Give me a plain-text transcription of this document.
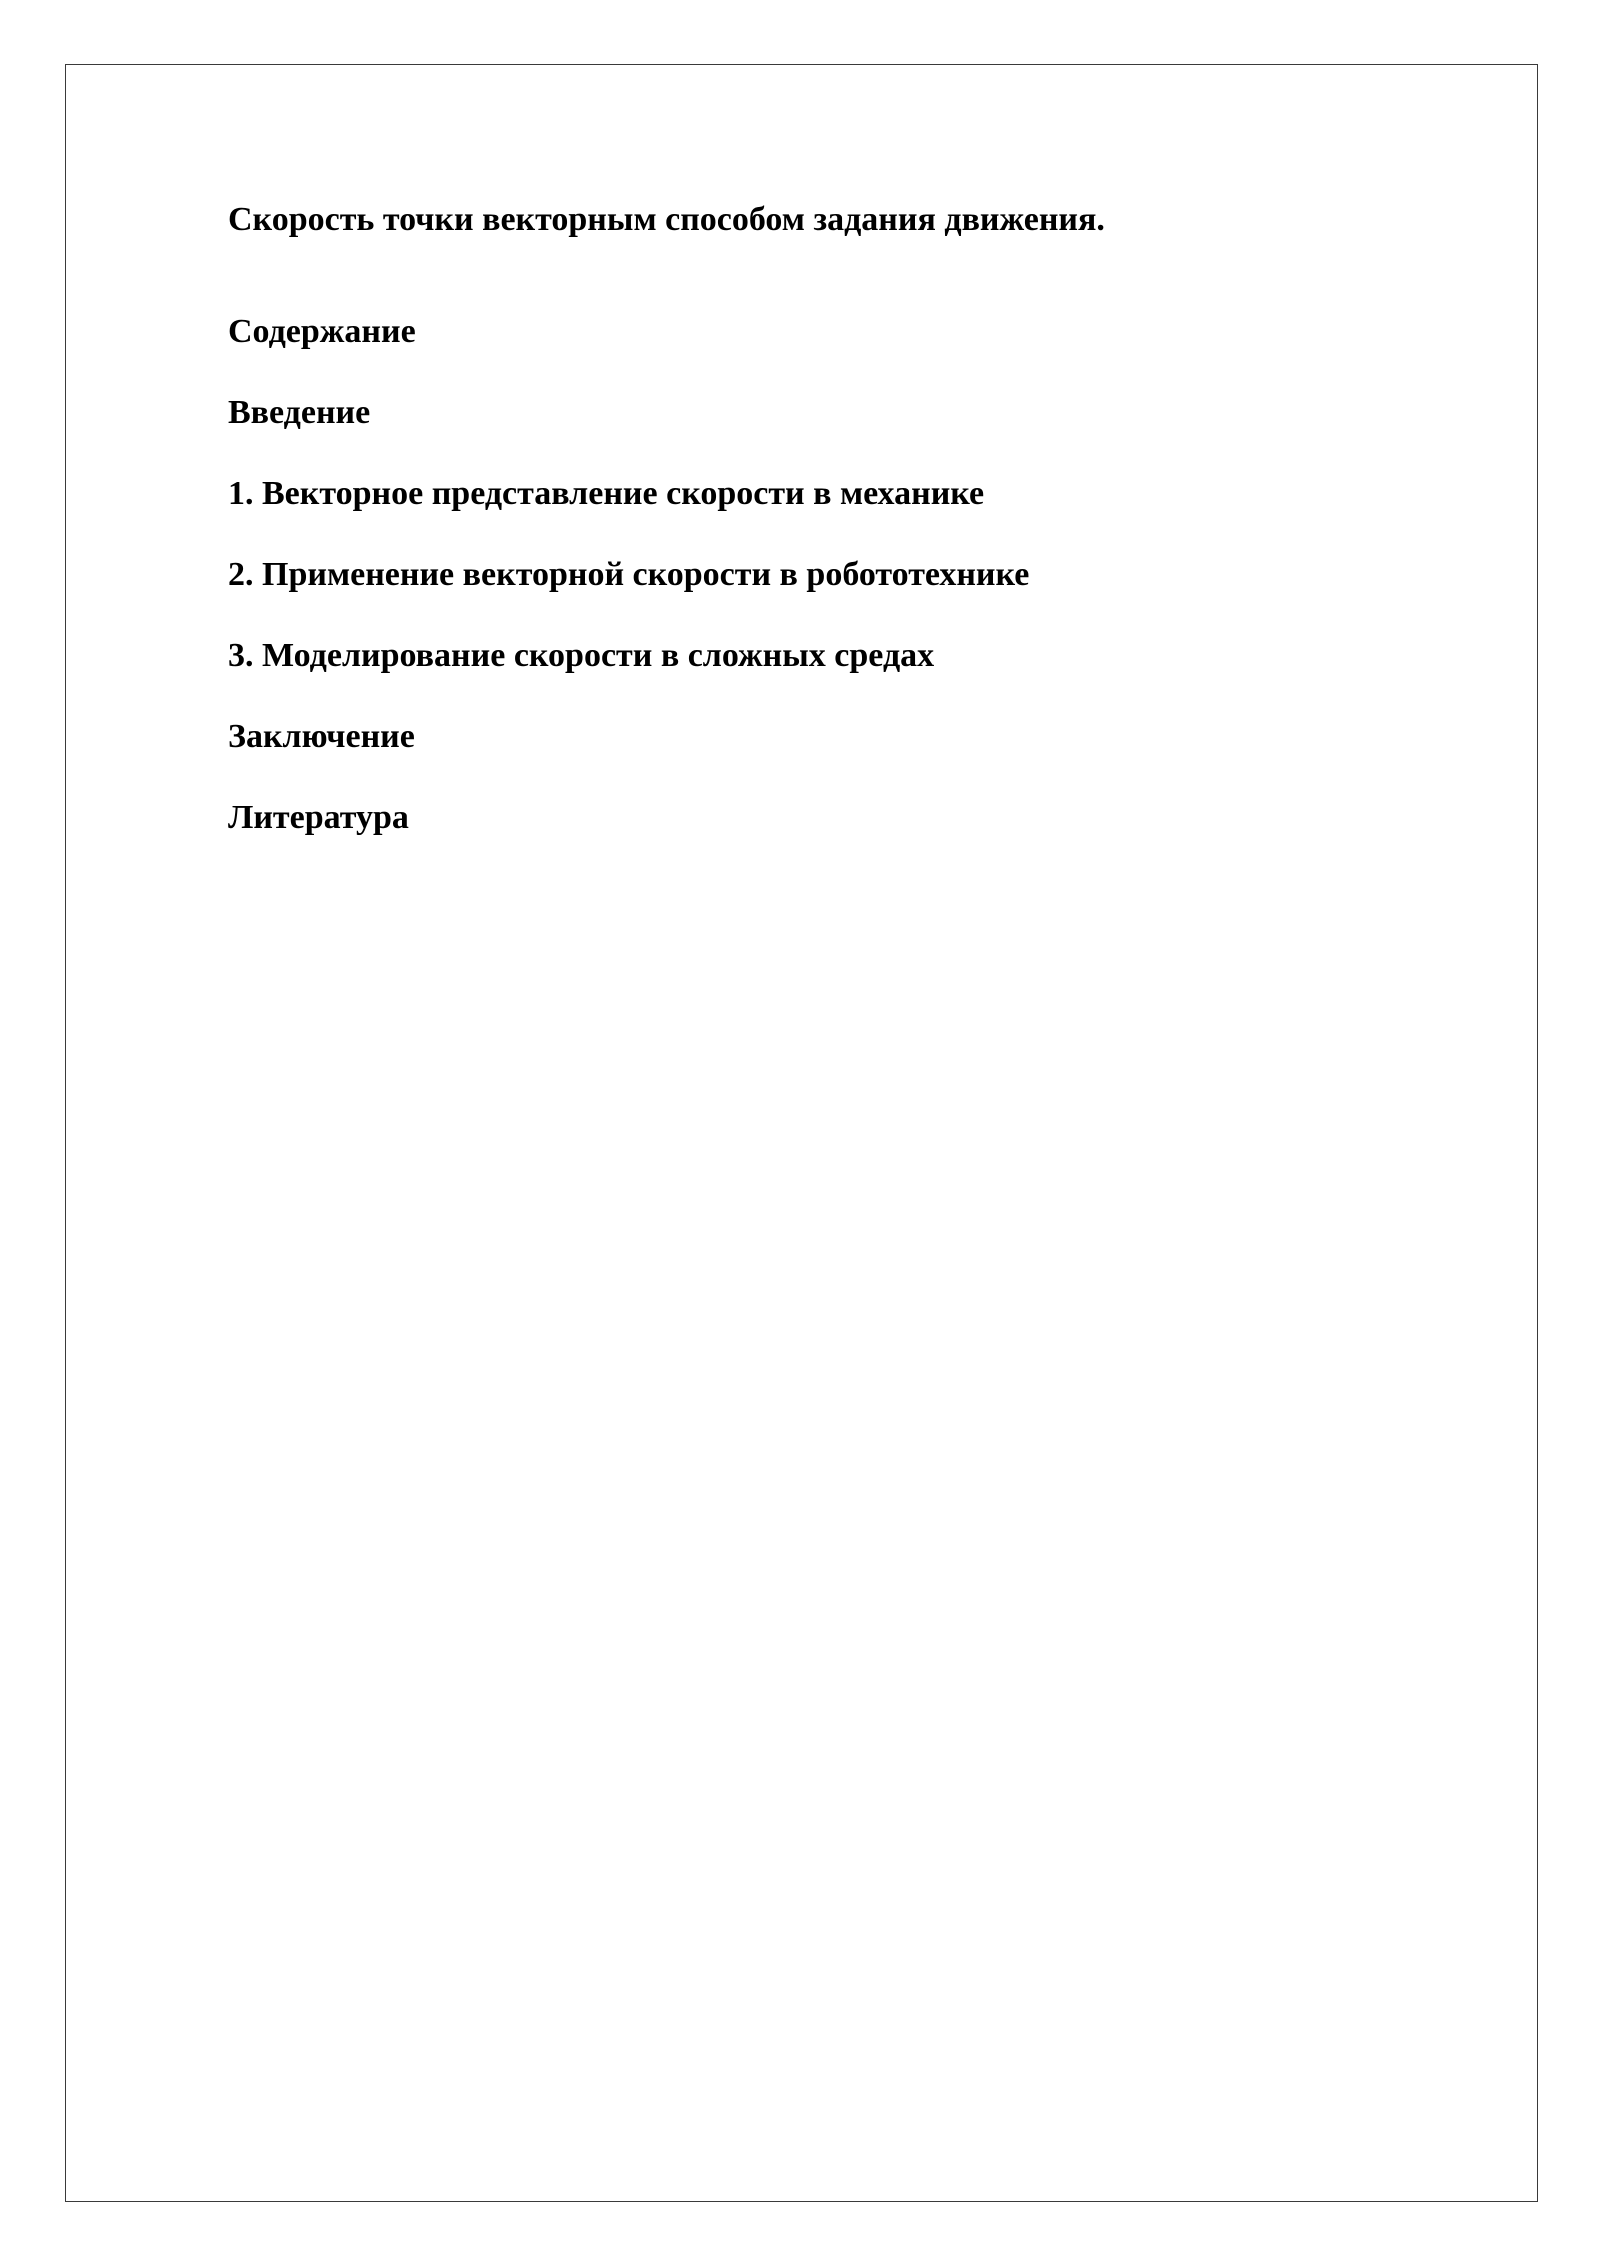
Скорость точки векторным способом задания движения.
Содержание
Введение
1. Векторное представление скорости в механике
2. Применение векторной скорости в робототехнике
3. Моделирование скорости в сложных средах
Заключение
Литература
